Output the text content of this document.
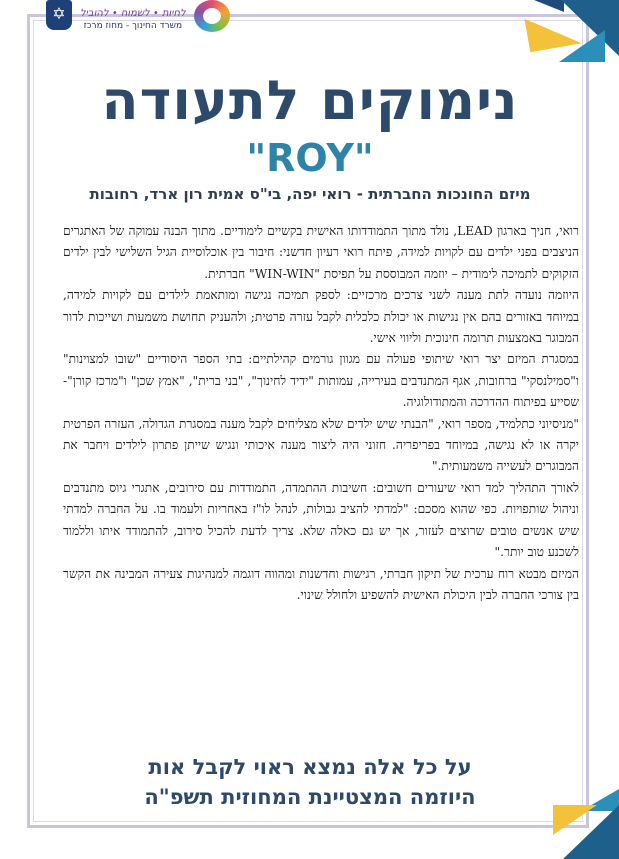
✡	לחיות • לשמוח • להוביל
משרד החינוך - מחוז מרכז
נימוקים לתעודה
"ROY"
מיזם החונכות החברתית - רואי יפה, בי"ס אמית רון ארד, רחובות

רואי, חניך בארגון LEAD, נולד מתוך התמודדותו האישית בקשיים לימודיים. מתוך הבנה עמוקה של האתגרים הניצבים בפני ילדים עם לקויות למידה, פיתח רואי רעיון חדשני: חיבור בין אוכלוסיית הגיל השלישי לבין ילדים הזקוקים לתמיכה לימודית – יוזמה המבוססת על תפיסת "WIN-WIN" חברתית.

היוזמה נועדה לתת מענה לשני צרכים מרכזיים: לספק תמיכה נגישה ומותאמת לילדים עם לקויות למידה, במיוחד באזורים בהם אין נגישות או יכולת כלכלית לקבל עזרה פרטית; ולהעניק תחושת משמעות ושייכות לדור המבוגר באמצעות תרומה חינוכית וליווי אישי.

במסגרת המיזם יצר רואי שיתופי פעולה עם מגוון גורמים קהילתיים: בתי הספר היסודיים "שובו למצוינות" ו"סמילנסקי" ברחובות, אגף המתנדבים בעירייה, עמותות "ידיד לחינוך", "בני ברית", "אמץ שכן" ו"מרכז קורן"- שסייע בפיתוח ההדרכה והמתודולוגיה.

"מניסיוני כתלמיד, מספר רואי, "הבנתי שיש ילדים שלא מצליחים לקבל מענה במסגרת הגדולה, העזרה הפרטית יקרה או לא נגישה, במיוחד בפריפריה. חזוני היה ליצור מענה איכותי ונגיש שייתן פתרון לילדים ויחבר את המבוגרים לעשייה משמעותית."

לאורך התהליך למד רואי שיעורים חשובים: חשיבות ההתמדה, התמודדות עם סירובים, אתגרי גיוס מתנדבים וניהול שותפויות. כפי שהוא מסכם: "למדתי להציב גבולות, לנהל לו"ז באחריות ולעמוד בו. על החברה למדתי שיש אנשים טובים שרוצים לעזור, אך יש גם כאלה שלא. צריך לדעת להכיל סירוב, להתמודד איתו וללמוד לשכנע טוב יותר."

המיזם מבטא רוח ערכית של תיקון חברתי, רגישות וחדשנות ומהווה דוגמה למנהיגות צעירה המבינה את הקשר בין צורכי החברה לבין היכולת האישית להשפיע ולחולל שינוי.

על כל אלה נמצא ראוי לקבל אות
היוזמה המצטיינת המחוזית תשפ"ה
